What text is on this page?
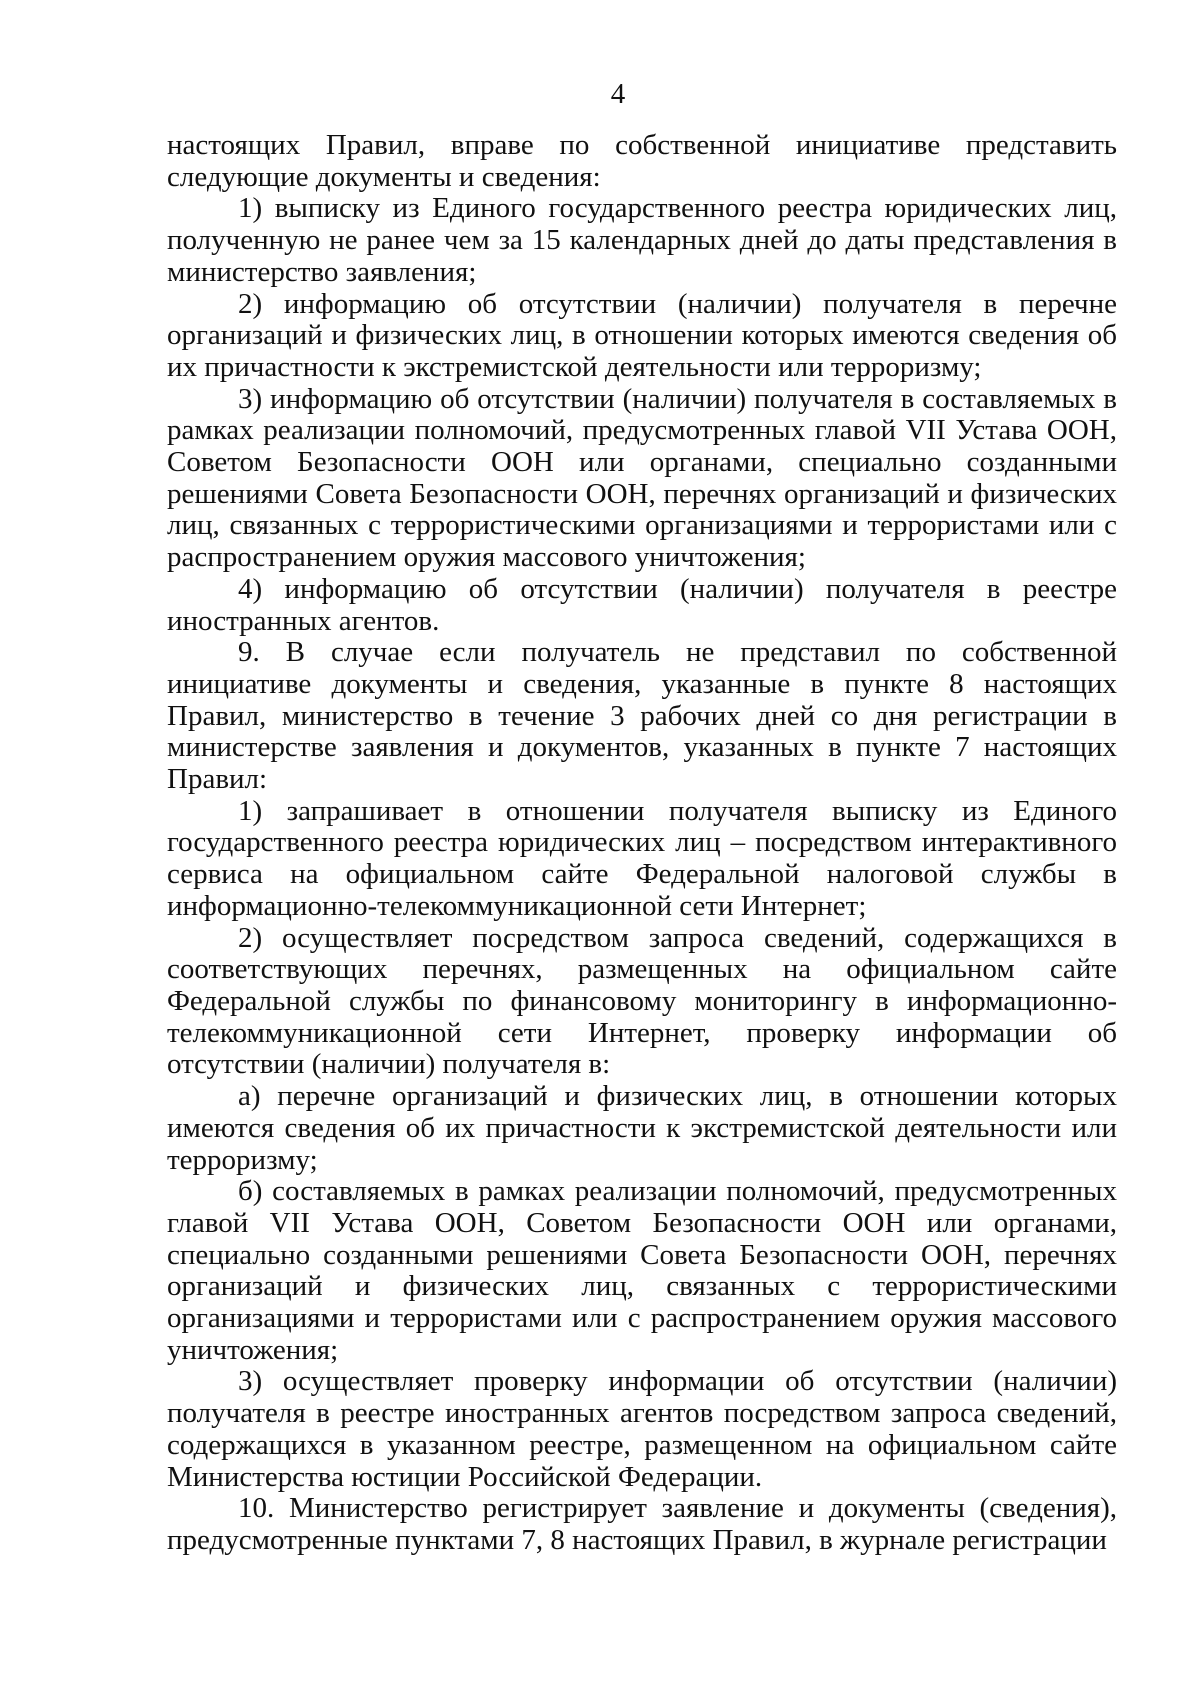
4

настоящих Правил, вправе по собственной инициативе представить следующие документы и сведения:

1) выписку из Единого государственного реестра юридических лиц, полученную не ранее чем за 15 календарных дней до даты представления в министерство заявления;

2) информацию об отсутствии (наличии) получателя в перечне организаций и физических лиц, в отношении которых имеются сведения об их причастности к экстремистской деятельности или терроризму;

3) информацию об отсутствии (наличии) получателя в составляемых в рамках реализации полномочий, предусмотренных главой VII Устава ООН, Советом Безопасности ООН или органами, специально созданными решениями Совета Безопасности ООН, перечнях организаций и физических лиц, связанных с террористическими организациями и террористами или с распространением оружия массового уничтожения;

4) информацию об отсутствии (наличии) получателя в реестре иностранных агентов.

9. В случае если получатель не представил по собственной инициативе документы и сведения, указанные в пункте 8 настоящих Правил, министерство в течение 3 рабочих дней со дня регистрации в министерстве заявления и документов, указанных в пункте 7 настоящих Правил:

1) запрашивает в отношении получателя выписку из Единого государственного реестра юридических лиц – посредством интерактивного сервиса на официальном сайте Федеральной налоговой службы в информационно-телекоммуникационной сети Интернет;

2) осуществляет посредством запроса сведений, содержащихся в соответствующих перечнях, размещенных на официальном сайте Федеральной службы по финансовому мониторингу в информационно-телекоммуникационной сети Интернет, проверку информации об отсутствии (наличии) получателя в:

а) перечне организаций и физических лиц, в отношении которых имеются сведения об их причастности к экстремистской деятельности или терроризму;

б) составляемых в рамках реализации полномочий, предусмотренных главой VII Устава ООН, Советом Безопасности ООН или органами, специально созданными решениями Совета Безопасности ООН, перечнях организаций и физических лиц, связанных с террористическими организациями и террористами или с распространением оружия массового уничтожения;

3) осуществляет проверку информации об отсутствии (наличии) получателя в реестре иностранных агентов посредством запроса сведений, содержащихся в указанном реестре, размещенном на официальном сайте Министерства юстиции Российской Федерации.

10. Министерство регистрирует заявление и документы (сведения), предусмотренные пунктами 7, 8 настоящих Правил, в журнале регистрации
